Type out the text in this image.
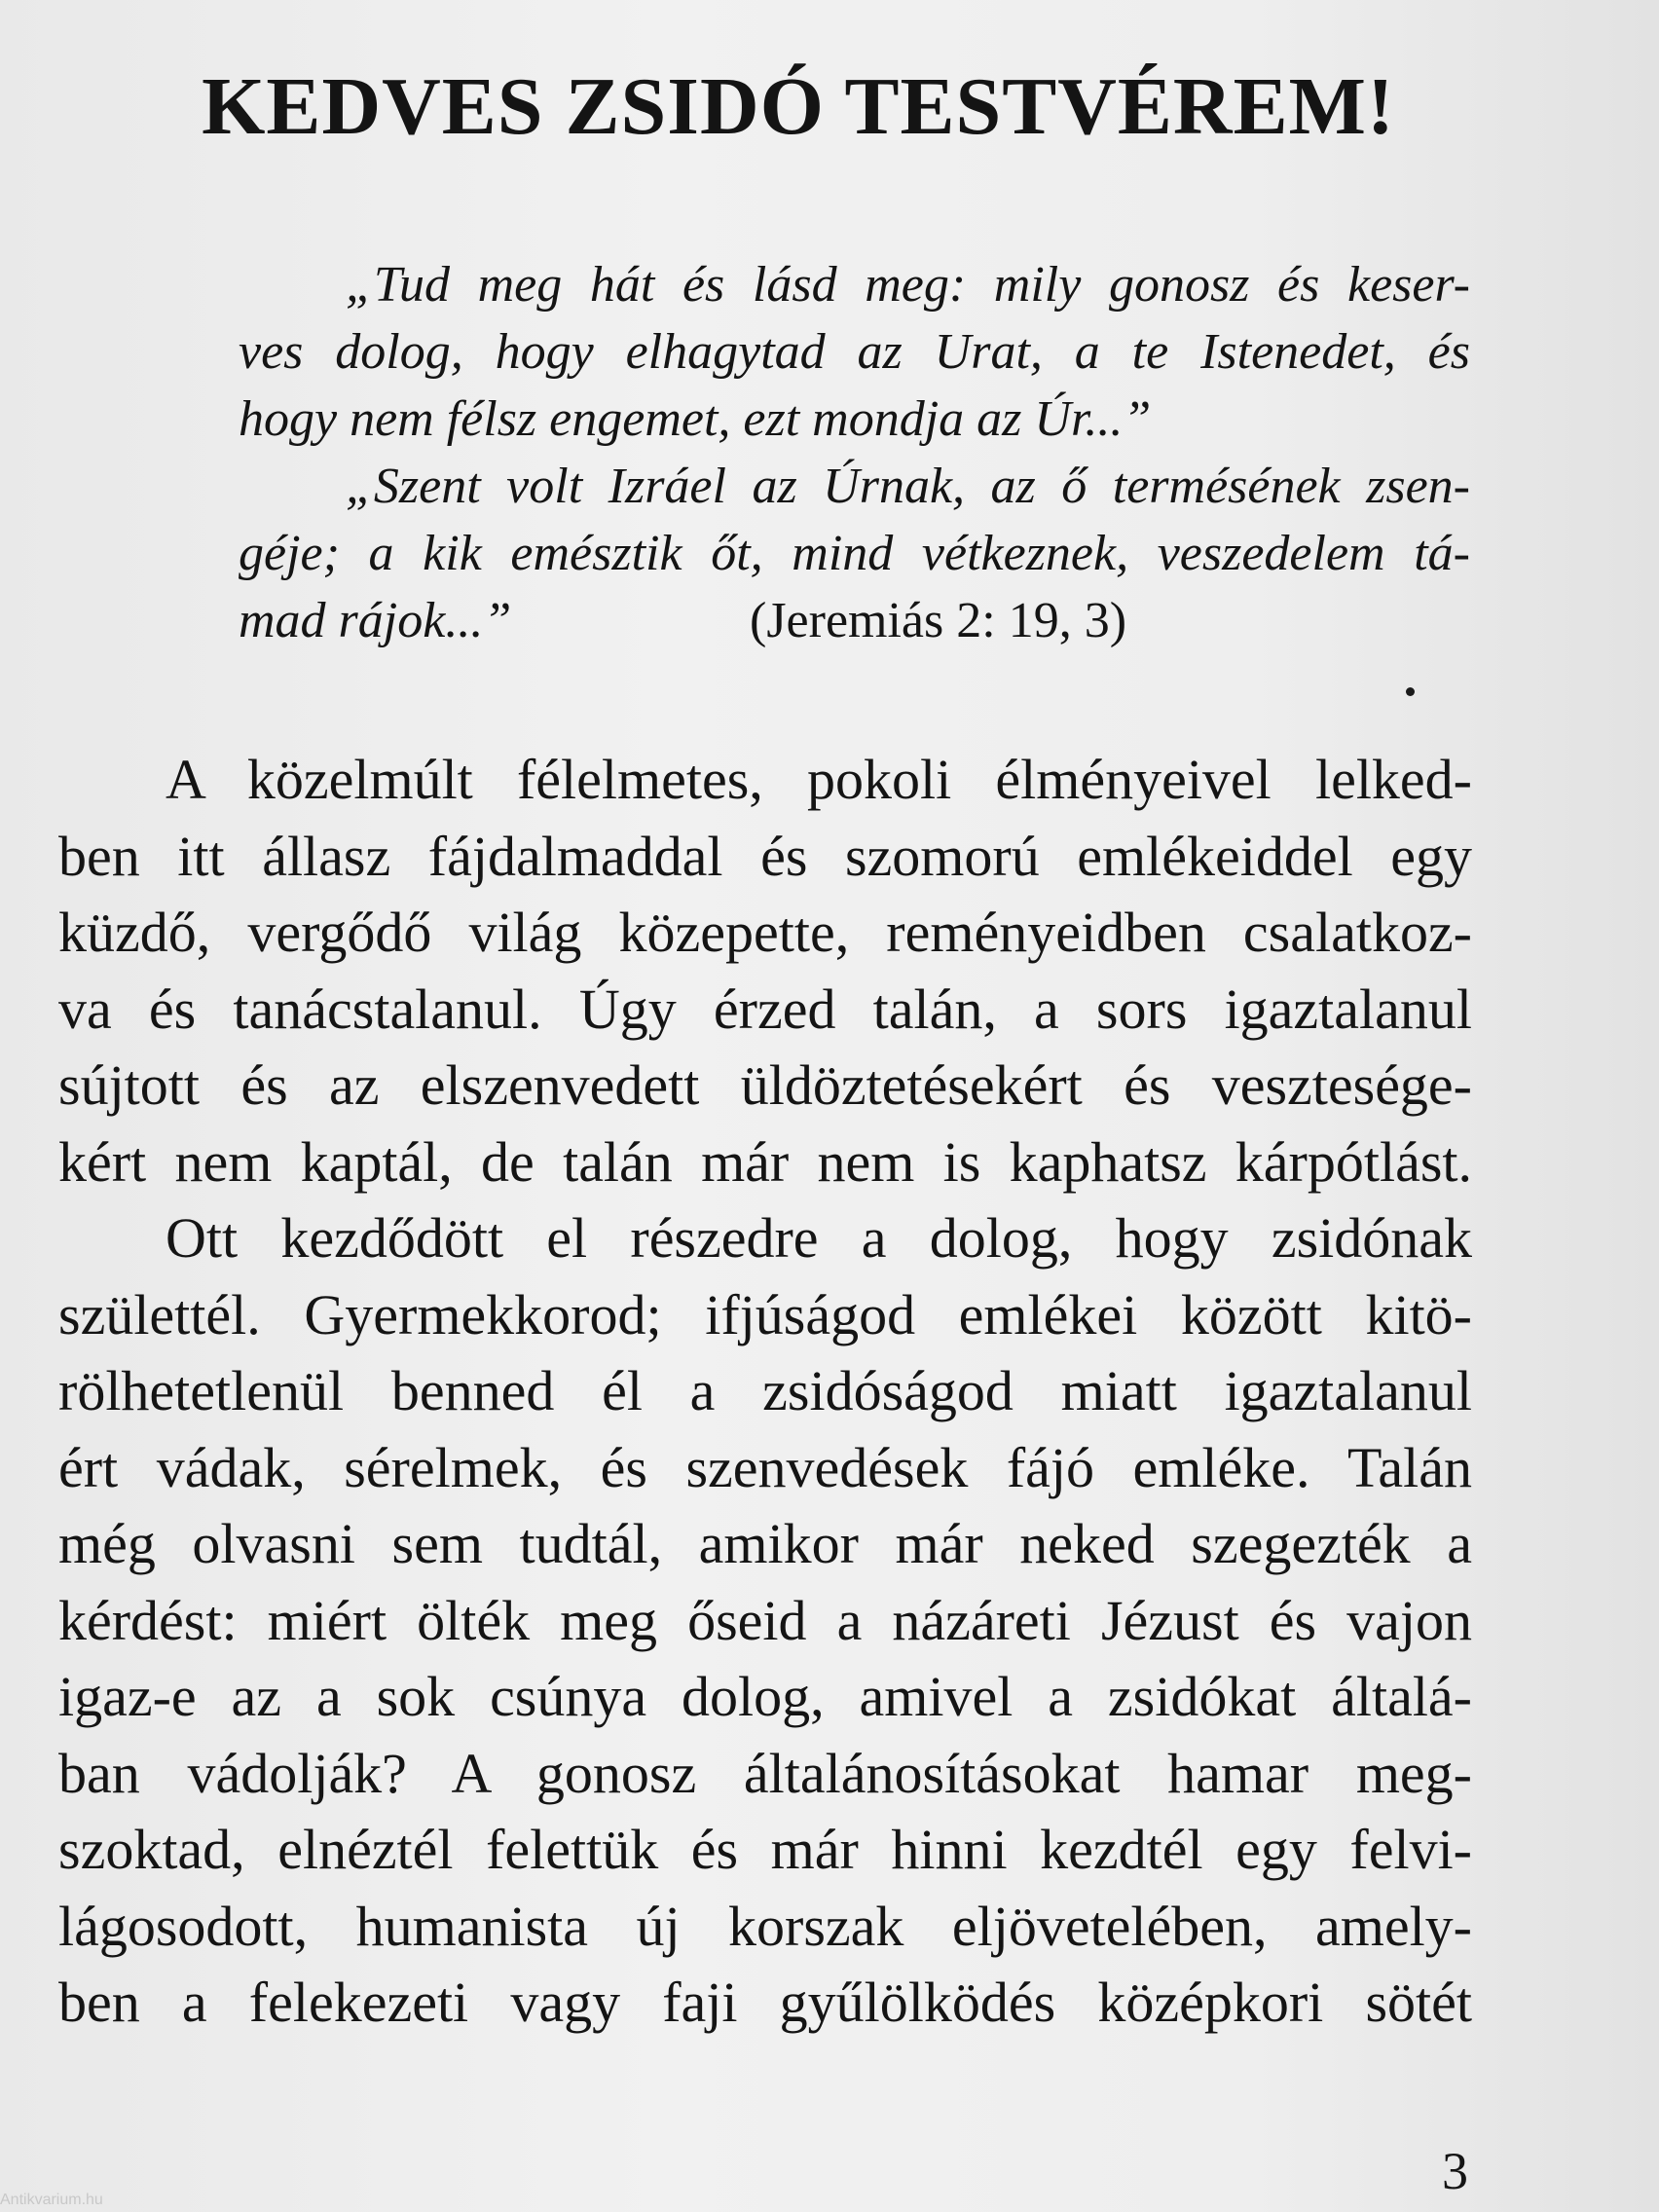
KEDVES ZSIDÓ TESTVÉREM!
„Tud meg hát és lásd meg: mily gonosz és keser-
ves dolog, hogy elhagytad az Urat, a te Istenedet, és
hogy nem félsz engemet, ezt mondja az Úr...”
„Szent volt Izráel az Úrnak, az ő termésének zsen-
géje; a kik emésztik őt, mind vétkeznek, veszedelem tá-
mad rájok...”	(Jeremiás 2: 19, 3)
A közelmúlt félelmetes, pokoli élményeivel lelked-
ben itt állasz fájdalmaddal és szomorú emlékeiddel egy
küzdő, vergődő világ közepette, reményeidben csalatkoz-
va és tanácstalanul. Úgy érzed talán, a sors igaztalanul
sújtott és az elszenvedett üldöztetésekért és vesztesége-
kért nem kaptál, de talán már nem is kaphatsz kárpótlást.
Ott kezdődött el részedre a dolog, hogy zsidónak
születtél. Gyermekkorod; ifjúságod emlékei között kitö-
rölhetetlenül benned él a zsidóságod miatt igaztalanul
ért vádak, sérelmek, és szenvedések fájó emléke. Talán
még olvasni sem tudtál, amikor már neked szegezték a
kérdést: miért ölték meg őseid a názáreti Jézust és vajon
igaz-e az a sok csúnya dolog, amivel a zsidókat általá-
ban vádolják? A gonosz általánosításokat hamar meg-
szoktad, elnéztél felettük és már hinni kezdtél egy felvi-
lágosodott, humanista új korszak eljövetelében, amely-
ben a felekezeti vagy faji gyűlölködés középkori sötét
3
Antikvarium.hu
